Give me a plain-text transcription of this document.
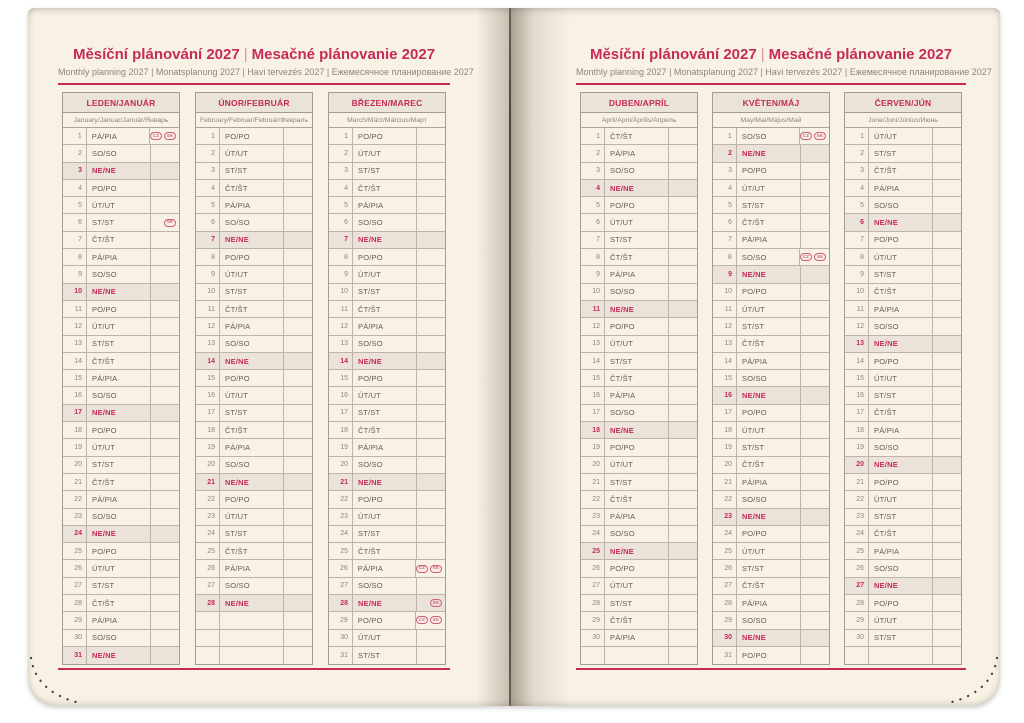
Měsíční plánování 2027 | Mesačné plánovanie 2027
Monthly planning 2027 | Monatsplanung 2027 | Havi tervezés 2027 | Ежемесячное планирование 2027
LEDEN/JANUÁR
January/Januar/Január/Январь
1	PÁ/PIA	CZ	SK
2	SO/SO
3	NE/NE
4	PO/PO
5	ÚT/UT
6	ST/ST	SK
7	ČT/ŠT
8	PÁ/PIA
9	SO/SO
10	NE/NE
11	PO/PO
12	ÚT/UT
13	ST/ST
14	ČT/ŠT
15	PÁ/PIA
16	SO/SO
17	NE/NE
18	PO/PO
19	ÚT/UT
20	ST/ST
21	ČT/ŠT
22	PÁ/PIA
23	SO/SO
24	NE/NE
25	PO/PO
26	ÚT/UT
27	ST/ST
28	ČT/ŠT
29	PÁ/PIA
30	SO/SO
31	NE/NE
ÚNOR/FEBRUÁR
February/Februar/Február/Февраль
1	PO/PO
2	ÚT/UT
3	ST/ST
4	ČT/ŠT
5	PÁ/PIA
6	SO/SO
7	NE/NE
8	PO/PO
9	ÚT/UT
10	ST/ST
11	ČT/ŠT
12	PÁ/PIA
13	SO/SO
14	NE/NE
15	PO/PO
16	ÚT/UT
17	ST/ST
18	ČT/ŠT
19	PÁ/PIA
20	SO/SO
21	NE/NE
22	PO/PO
23	ÚT/UT
24	ST/ST
25	ČT/ŠT
26	PÁ/PIA
27	SO/SO
28	NE/NE
BŘEZEN/MAREC
March/März/Március/Март
1	PO/PO
2	ÚT/UT
3	ST/ST
4	ČT/ŠT
5	PÁ/PIA
6	SO/SO
7	NE/NE
8	PO/PO
9	ÚT/UT
10	ST/ST
11	ČT/ŠT
12	PÁ/PIA
13	SO/SO
14	NE/NE
15	PO/PO
16	ÚT/UT
17	ST/ST
18	ČT/ŠT
19	PÁ/PIA
20	SO/SO
21	NE/NE
22	PO/PO
23	ÚT/UT
24	ST/ST
25	ČT/ŠT
26	PÁ/PIA	CZ	SK
27	SO/SO
28	NE/NE	SK
29	PO/PO	CZ	SK
30	ÚT/UT
31	ST/ST
Měsíční plánování 2027 | Mesačné plánovanie 2027
Monthly planning 2027 | Monatsplanung 2027 | Havi tervezés 2027 | Ежемесячное планирование 2027
DUBEN/APRÍL
April/April/Április/Апрель
1	ČT/ŠT
2	PÁ/PIA
3	SO/SO
4	NE/NE
5	PO/PO
6	ÚT/UT
7	ST/ST
8	ČT/ŠT
9	PÁ/PIA
10	SO/SO
11	NE/NE
12	PO/PO
13	ÚT/UT
14	ST/ST
15	ČT/ŠT
16	PÁ/PIA
17	SO/SO
18	NE/NE
19	PO/PO
20	ÚT/UT
21	ST/ST
22	ČT/ŠT
23	PÁ/PIA
24	SO/SO
25	NE/NE
26	PO/PO
27	ÚT/UT
28	ST/ST
29	ČT/ŠT
30	PÁ/PIA
KVĚTEN/MÁJ
May/Mai/Május/Май
1	SO/SO	CZ	SK
2	NE/NE
3	PO/PO
4	ÚT/UT
5	ST/ST
6	ČT/ŠT
7	PÁ/PIA
8	SO/SO	CZ	SK
9	NE/NE
10	PO/PO
11	ÚT/UT
12	ST/ST
13	ČT/ŠT
14	PÁ/PIA
15	SO/SO
16	NE/NE
17	PO/PO
18	ÚT/UT
19	ST/ST
20	ČT/ŠT
21	PÁ/PIA
22	SO/SO
23	NE/NE
24	PO/PO
25	ÚT/UT
26	ST/ST
27	ČT/ŠT
28	PÁ/PIA
29	SO/SO
30	NE/NE
31	PO/PO
ČERVEN/JÚN
June/Juni/Június/Июнь
1	ÚT/UT
2	ST/ST
3	ČT/ŠT
4	PÁ/PIA
5	SO/SO
6	NE/NE
7	PO/PO
8	ÚT/UT
9	ST/ST
10	ČT/ŠT
11	PÁ/PIA
12	SO/SO
13	NE/NE
14	PO/PO
15	ÚT/UT
16	ST/ST
17	ČT/ŠT
18	PÁ/PIA
19	SO/SO
20	NE/NE
21	PO/PO
22	ÚT/UT
23	ST/ST
24	ČT/ŠT
25	PÁ/PIA
26	SO/SO
27	NE/NE
28	PO/PO
29	ÚT/UT
30	ST/ST
